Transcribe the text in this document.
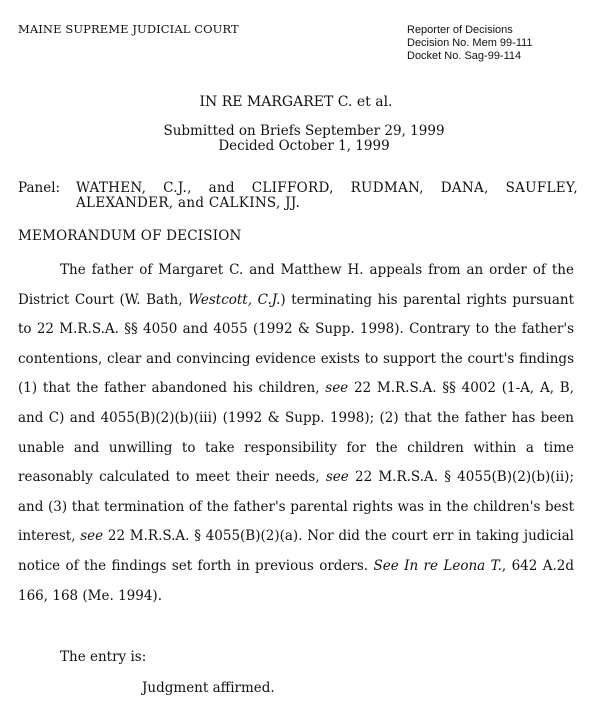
MAINE SUPREME JUDICIAL COURT	Reporter of Decisions
Decision No. Mem 99-111
Docket No. Sag-99-114
IN RE MARGARET C. et al.
Submitted on Briefs September 29, 1999
Decided October 1, 1999
Panel: WATHEN, C.J., and CLIFFORD, RUDMAN, DANA, SAUFLEY, ALEXANDER, and CALKINS, JJ.
MEMORANDUM OF DECISION
The father of Margaret C. and Matthew H. appeals from an order of the District Court (W. Bath, Westcott, C.J.) terminating his parental rights pursuant to 22 M.R.S.A. §§ 4050 and 4055 (1992 & Supp. 1998). Contrary to the father's contentions, clear and convincing evidence exists to support the court's findings (1) that the father abandoned his children, see 22 M.R.S.A. §§ 4002 (1-A, A, B, and C) and 4055(B)(2)(b)(iii) (1992 & Supp. 1998); (2) that the father has been unable and unwilling to take responsibility for the children within a time reasonably calculated to meet their needs, see 22 M.R.S.A. § 4055(B)(2)(b)(ii); and (3) that termination of the father's parental rights was in the children's best interest, see 22 M.R.S.A. § 4055(B)(2)(a). Nor did the court err in taking judicial notice of the findings set forth in previous orders. See In re Leona T., 642 A.2d 166, 168 (Me. 1994).
The entry is:
Judgment affirmed.
